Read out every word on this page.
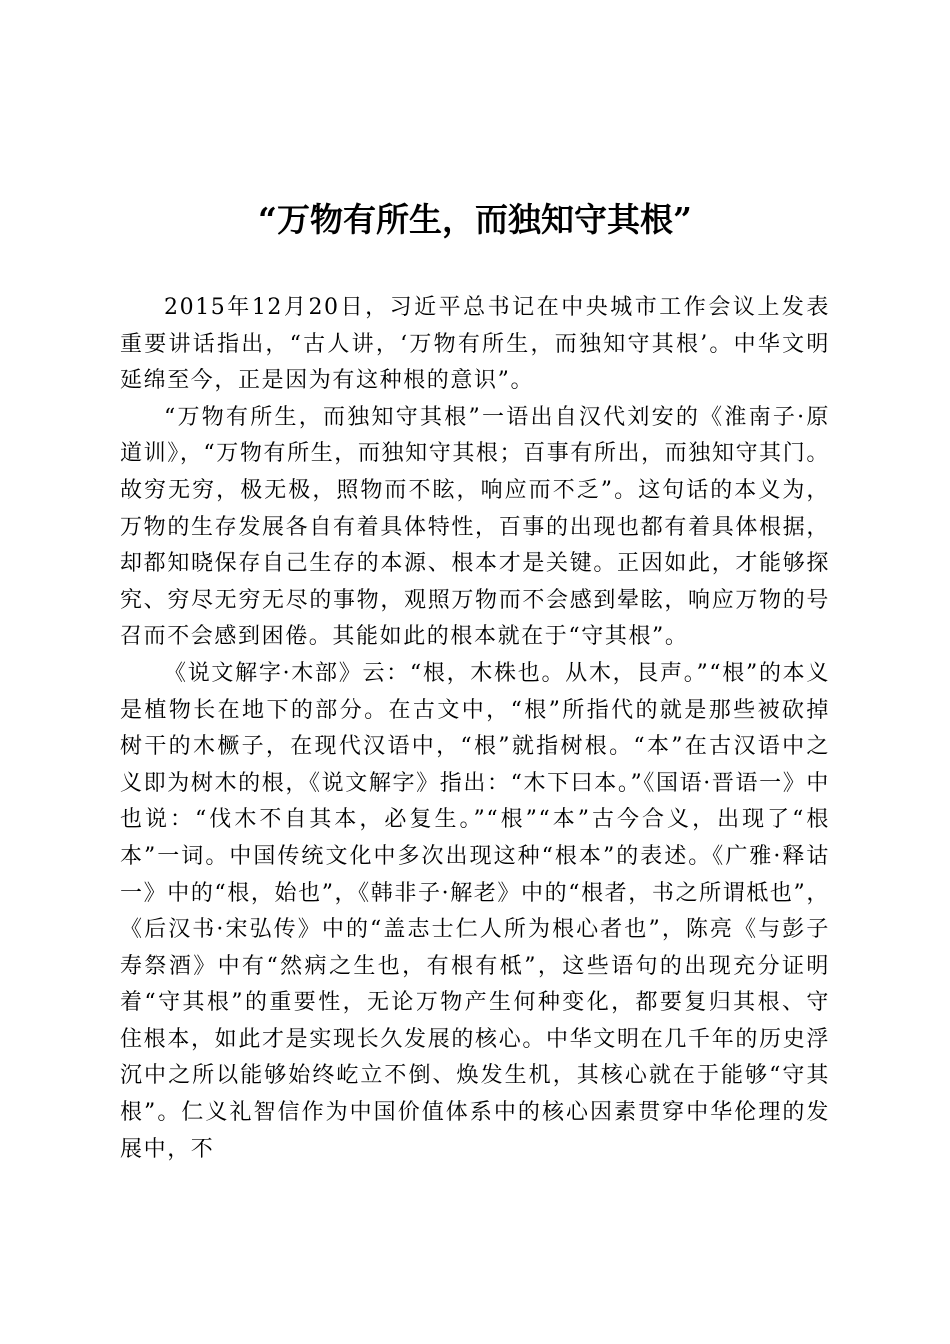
“万物有所生，而独知守其根”

2015年12月20日，习近平总书记在中央城市工作会议上发表重要讲话指出，“古人讲，‘万物有所生，而独知守其根’。中华文明延绵至今，正是因为有这种根的意识”。

“万物有所生，而独知守其根”一语出自汉代刘安的《淮南子·原道训》，“万物有所生，而独知守其根；百事有所出，而独知守其门。故穷无穷，极无极，照物而不眩，响应而不乏”。这句话的本义为，万物的生存发展各自有着具体特性，百事的出现也都有着具体根据，却都知晓保存自己生存的本源、根本才是关键。正因如此，才能够探究、穷尽无穷无尽的事物，观照万物而不会感到晕眩，响应万物的号召而不会感到困倦。其能如此的根本就在于“守其根”。

《说文解字·木部》云：“根，木株也。从木，艮声。”“根”的本义是植物长在地下的部分。在古文中，“根”所指代的就是那些被砍掉树干的木橛子，在现代汉语中，“根”就指树根。“本”在古汉语中之义即为树木的根，《说文解字》指出：“木下曰本。”《国语·晋语一》中也说：“伐木不自其本，必复生。”“根”“本”古今合义，出现了“根本”一词。中国传统文化中多次出现这种“根本”的表述。《广雅·释诂一》中的“根，始也”，《韩非子·解老》中的“根者，书之所谓柢也”，《后汉书·宋弘传》中的“盖志士仁人所为根心者也”，陈亮《与彭子寿祭酒》中有“然病之生也，有根有柢”，这些语句的出现充分证明着“守其根”的重要性，无论万物产生何种变化，都要复归其根、守住根本，如此才是实现长久发展的核心。中华文明在几千年的历史浮沉中之所以能够始终屹立不倒、焕发生机，其核心就在于能够“守其根”。仁义礼智信作为中国价值体系中的核心因素贯穿中华伦理的发展中，不
